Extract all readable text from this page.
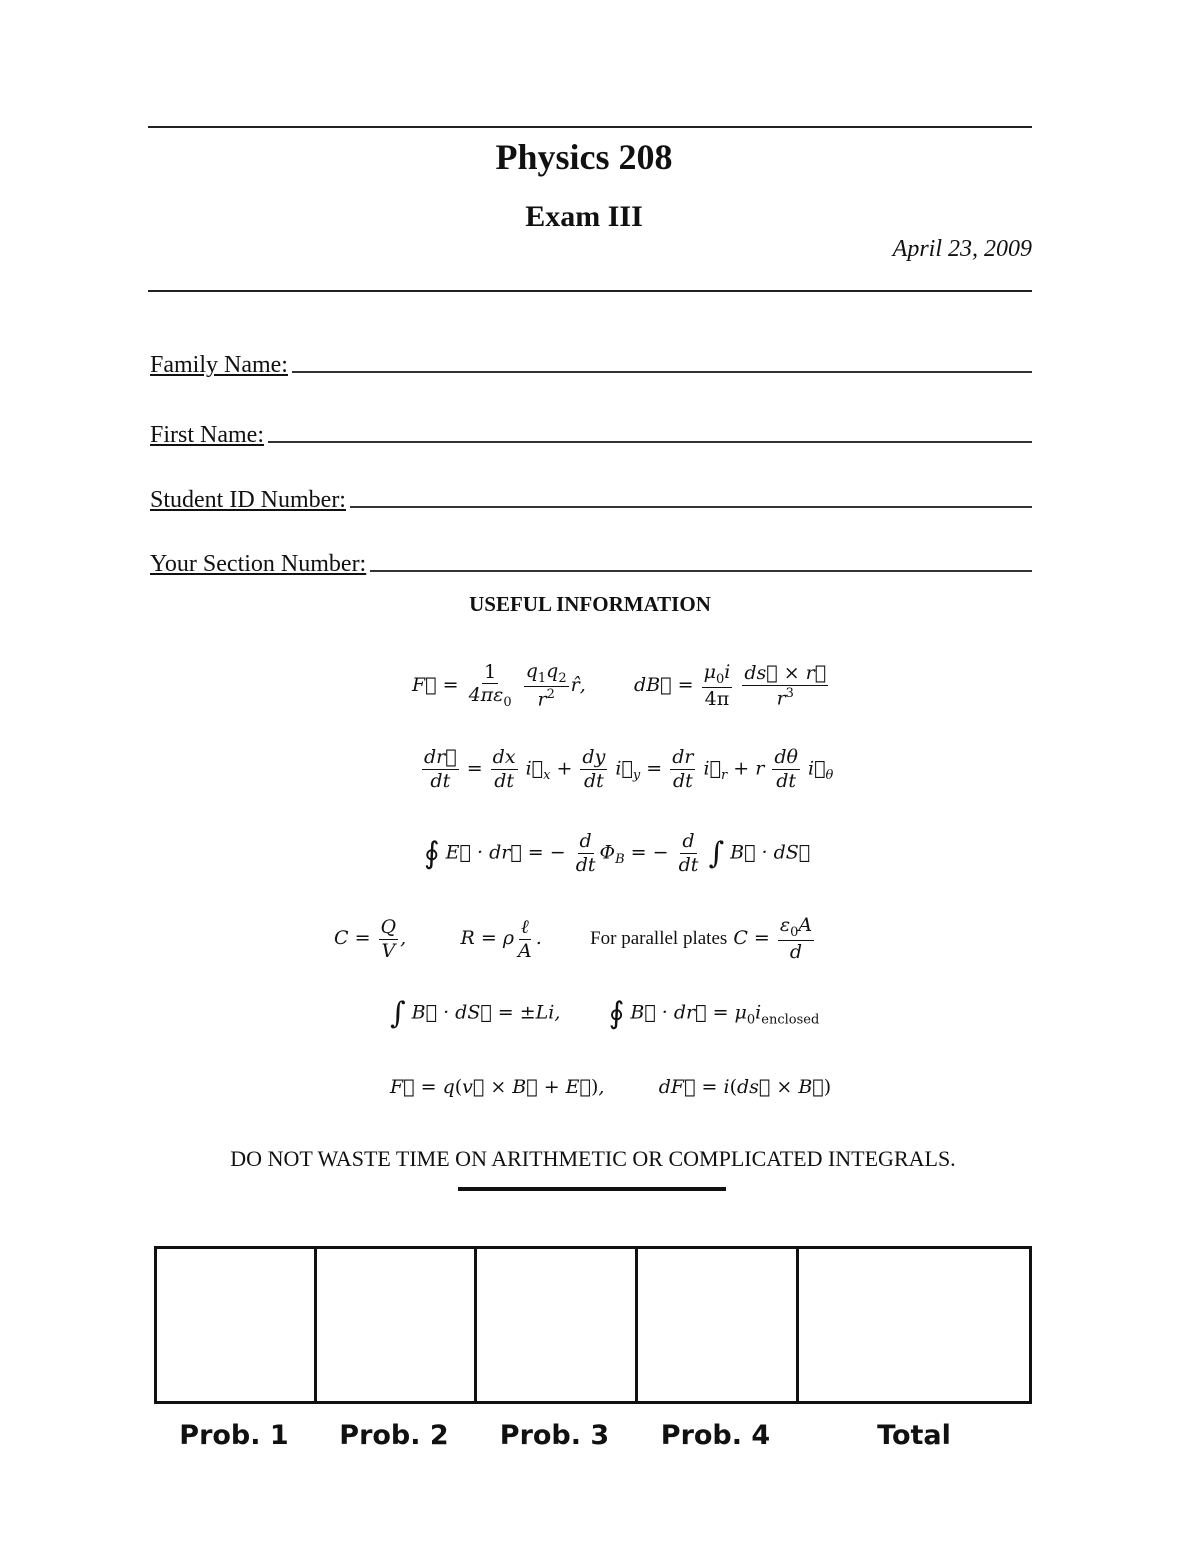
Physics 208
Exam III
April 23, 2009
Family Name:
First Name:
Student ID Number:
Your Section Number:
USEFUL INFORMATION
F⃗ = $\frac{1}{4\pi\varepsilon_0}$
$\frac{q_1q_2}{r^2}$ r̂,        dB⃗ = $\frac{\mu_0i}{4\pi}$
$\frac{ds⃗ \times r⃗}{r^3}$
$\frac{dr⃗}{dt} = \frac{dx}{dt}$ $i⃗_x + \frac{dy}{dt}$ $i⃗_y = \frac{dr}{dt}$ $i⃗_r + r \frac{d\theta}{dt}$ $i⃗_\theta$
∮ E⃗ · dr⃗ = − $\frac{d}{dt} \Phi_B$ = − $\frac{d}{dt}$ ∫ B⃗ · dS⃗
$C = \frac{Q}{V}$ ,         R = ρ $\frac{\text{ℓ}}{A}$ .        For parallel plates $C = \frac{\varepsilon_0A}{d}$
∫ B⃗ · dS⃗ = ±Li,        ∮ B⃗ · dr⃗ = $\mu_0i_{enclosed}$
F⃗ = q(v⃗ × B⃗ + E⃗),         dF⃗ = i(ds⃗ × B⃗)
DO NOT WASTE TIME ON ARITHMETIC OR COMPLICATED INTEGRALS.
Prob. 1	Prob. 2	Prob. 3	Prob. 4	Total
